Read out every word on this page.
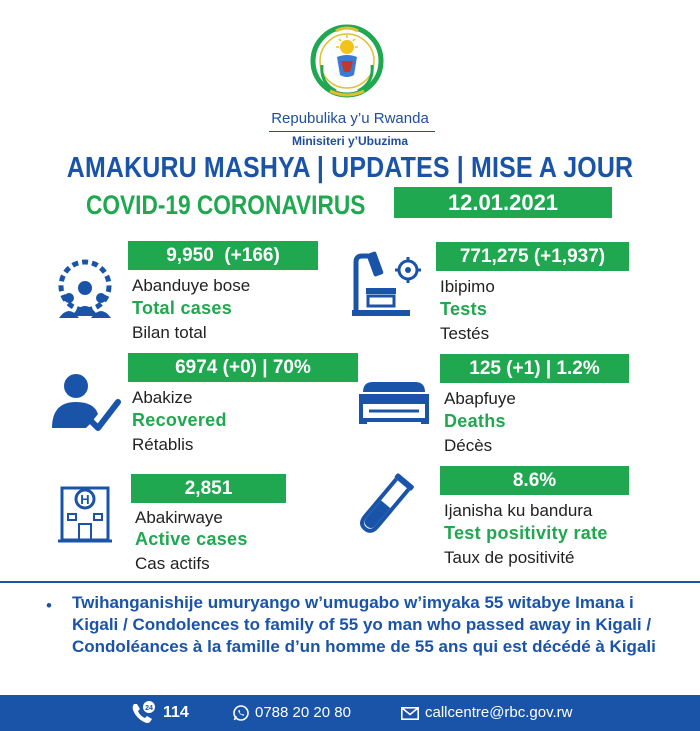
Repubulika y’u Rwanda
Minisiteri y’Ubuzima
AMAKURU MASHYA | UPDATES | MISE A JOUR
COVID-19 CORONAVIRUS	12.01.2021
9,950  (+166)
Abanduye bose
Total cases
Bilan total
771,275 (+1,937)
Ibipimo
Tests
Testés
6974 (+0) | 70%
Abakize
Recovered
Rétablis
125 (+1) | 1.2%
Abapfuye
Deaths
Décès
H
2,851
Abakirwaye
Active cases
Cas actifs
8.6%
Ijanisha ku bandura
Test positivity rate
Taux de positivité
• Twihanganishije umuryango w’umugabo w’imyaka 55 witabye Imana i Kigali / Condolences to family of 55 yo man who passed away in Kigali / Condoléances à la famille d’un homme de 55 ans qui est décédé à Kigali
24 114	0788 20 20 80	callcentre@rbc.gov.rw
